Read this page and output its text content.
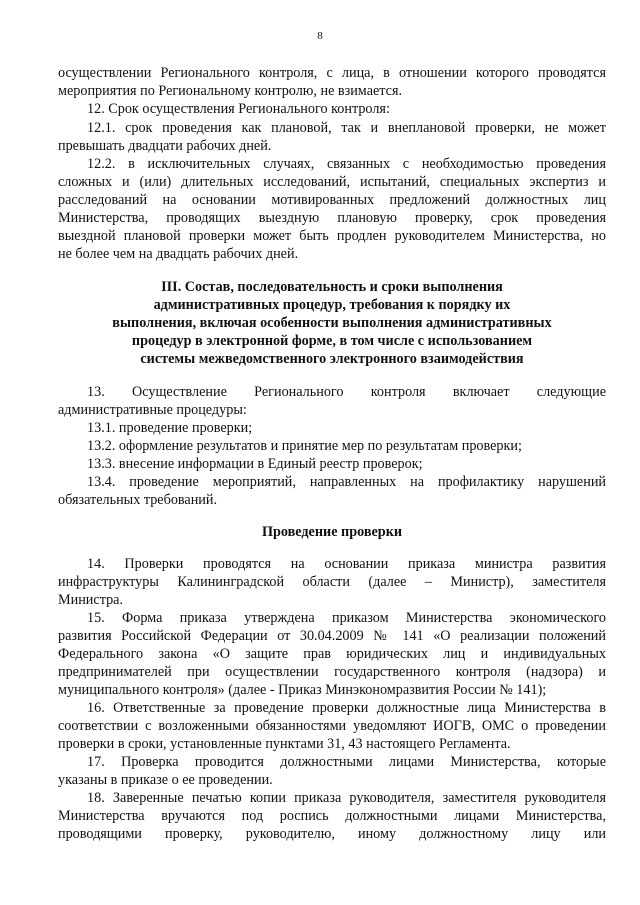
8
осуществлении Регионального контроля, с лица, в отношении которого проводятся
мероприятия по Региональному контролю, не взимается.
12. Срок осуществления Регионального контроля:
12.1. срок проведения как плановой, так и внеплановой проверки, не может
превышать двадцати рабочих дней.
12.2. в исключительных случаях, связанных с необходимостью проведения
сложных и (или) длительных исследований, испытаний, специальных экспертиз и
расследований на основании мотивированных предложений должностных лиц
Министерства, проводящих выездную плановую проверку, срок проведения
выездной плановой проверки может быть продлен руководителем Министерства, но
не более чем на двадцать рабочих дней.
III. Состав, последовательность и сроки выполнения
административных процедур, требования к порядку их
выполнения, включая особенности выполнения административных
процедур в электронной форме, в том числе с использованием
системы межведомственного электронного взаимодействия
13. Осуществление Регионального контроля включает следующие
административные процедуры:
13.1. проведение проверки;
13.2. оформление результатов и принятие мер по результатам проверки;
13.3. внесение информации в Единый реестр проверок;
13.4. проведение мероприятий, направленных на профилактику нарушений
обязательных требований.
Проведение проверки
14. Проверки проводятся на основании приказа министра развития
инфраструктуры Калининградской области (далее – Министр), заместителя
Министра.
15. Форма приказа утверждена приказом Министерства экономического
развития Российской Федерации от 30.04.2009 № 141 «О реализации положений
Федерального закона «О защите прав юридических лиц и индивидуальных
предпринимателей при осуществлении государственного контроля (надзора) и
муниципального контроля» (далее - Приказ Минэкономразвития России № 141);
16. Ответственные за проведение проверки должностные лица Министерства в
соответствии с возложенными обязанностями уведомляют ИОГВ, ОМС о проведении
проверки в сроки, установленные пунктами 31, 43 настоящего Регламента.
17. Проверка проводится должностными лицами Министерства, которые
указаны в приказе о ее проведении.
18. Заверенные печатью копии приказа руководителя, заместителя руководителя
Министерства вручаются под роспись должностными лицами Министерства,
проводящими проверку, руководителю, иному должностному лицу или
